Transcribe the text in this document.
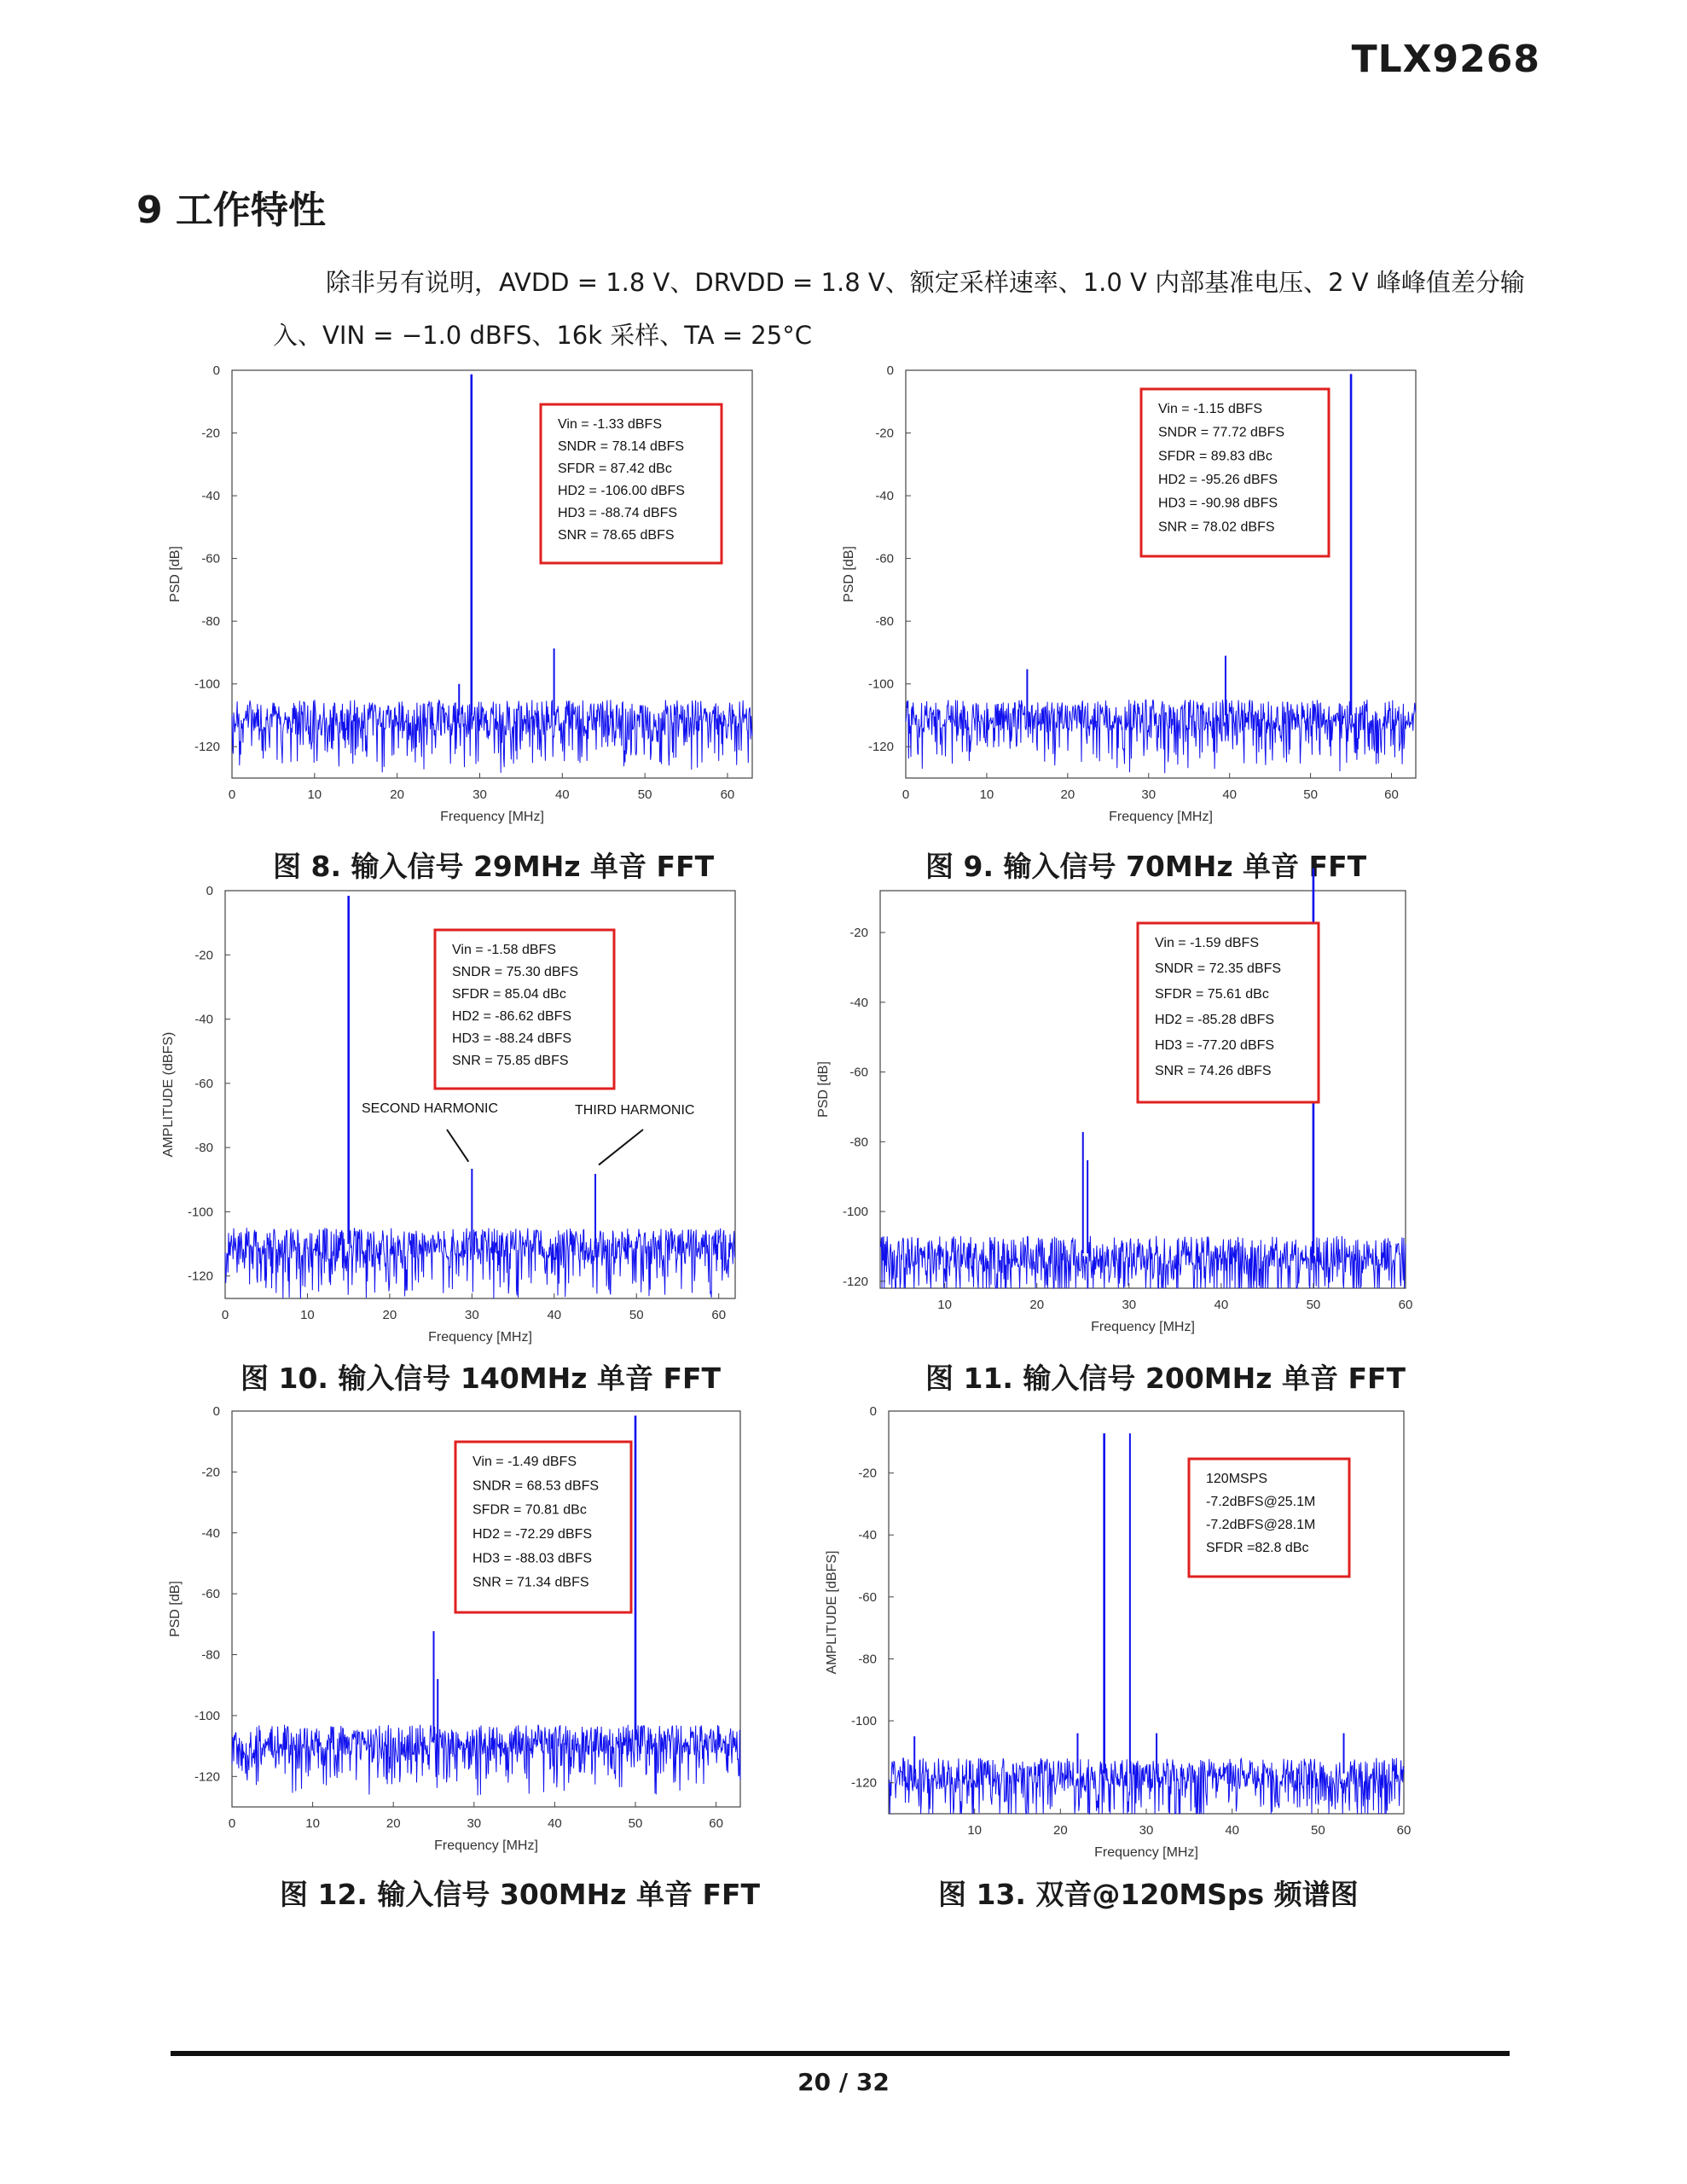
TLX9268
9 工作特性
除非另有说明，AVDD = 1.8 V、DRVDD = 1.8 V、额定采样速率、1.0 V 内部基准电压、2 V 峰峰值差分输
入、VIN = −1.0 dBFS、16k 采样、TA = 25°C
0	10	20	30	40	50	60
0
-20
-40
-60
-80
-100
-120
Frequency [MHz]
PSD [dB]
Vin = -1.33 dBFS
SNDR = 78.14 dBFS
SFDR = 87.42 dBc
HD2 = -106.00 dBFS
HD3 = -88.74 dBFS
SNR = 78.65 dBFS
图 8. 输入信号 29MHz 单音 FFT
0	10	20	30	40	50	60
0
-20
-40
-60
-80
-100
-120
Frequency [MHz]
PSD [dB]
Vin = -1.15 dBFS
SNDR = 77.72 dBFS
SFDR = 89.83 dBc
HD2 = -95.26 dBFS
HD3 = -90.98 dBFS
SNR = 78.02 dBFS
图 9. 输入信号 70MHz 单音 FFT
0	10	20	30	40	50	60
0
-20
-40
-60
-80
-100
-120
Frequency [MHz]
AMPLITUDE (dBFS)
Vin = -1.58 dBFS
SNDR = 75.30 dBFS
SFDR = 85.04 dBc
HD2 = -86.62 dBFS
HD3 = -88.24 dBFS
SNR = 75.85 dBFS
SECOND HARMONIC	THIRD HARMONIC
图 10. 输入信号 140MHz 单音 FFT
10	20	30	40	50	60
-20
-40
-60
-80
-100
-120
Frequency [MHz]
PSD [dB]
Vin = -1.59 dBFS
SNDR = 72.35 dBFS
SFDR = 75.61 dBc
HD2 = -85.28 dBFS
HD3 = -77.20 dBFS
SNR = 74.26 dBFS
图 11. 输入信号 200MHz 单音 FFT
0	10	20	30	40	50	60
0
-20
-40
-60
-80
-100
-120
Frequency [MHz]
PSD [dB]
Vin = -1.49 dBFS
SNDR = 68.53 dBFS
SFDR = 70.81 dBc
HD2 = -72.29 dBFS
HD3 = -88.03 dBFS
SNR = 71.34 dBFS
图 12. 输入信号 300MHz 单音 FFT
10	20	30	40	50	60
0
-20
-40
-60
-80
-100
-120
Frequency [MHz]
AMPLITUDE [dBFS]
120MSPS
-7.2dBFS@25.1M
-7.2dBFS@28.1M
SFDR =82.8 dBc
图 13. 双音@120MSps 频谱图
20 / 32
